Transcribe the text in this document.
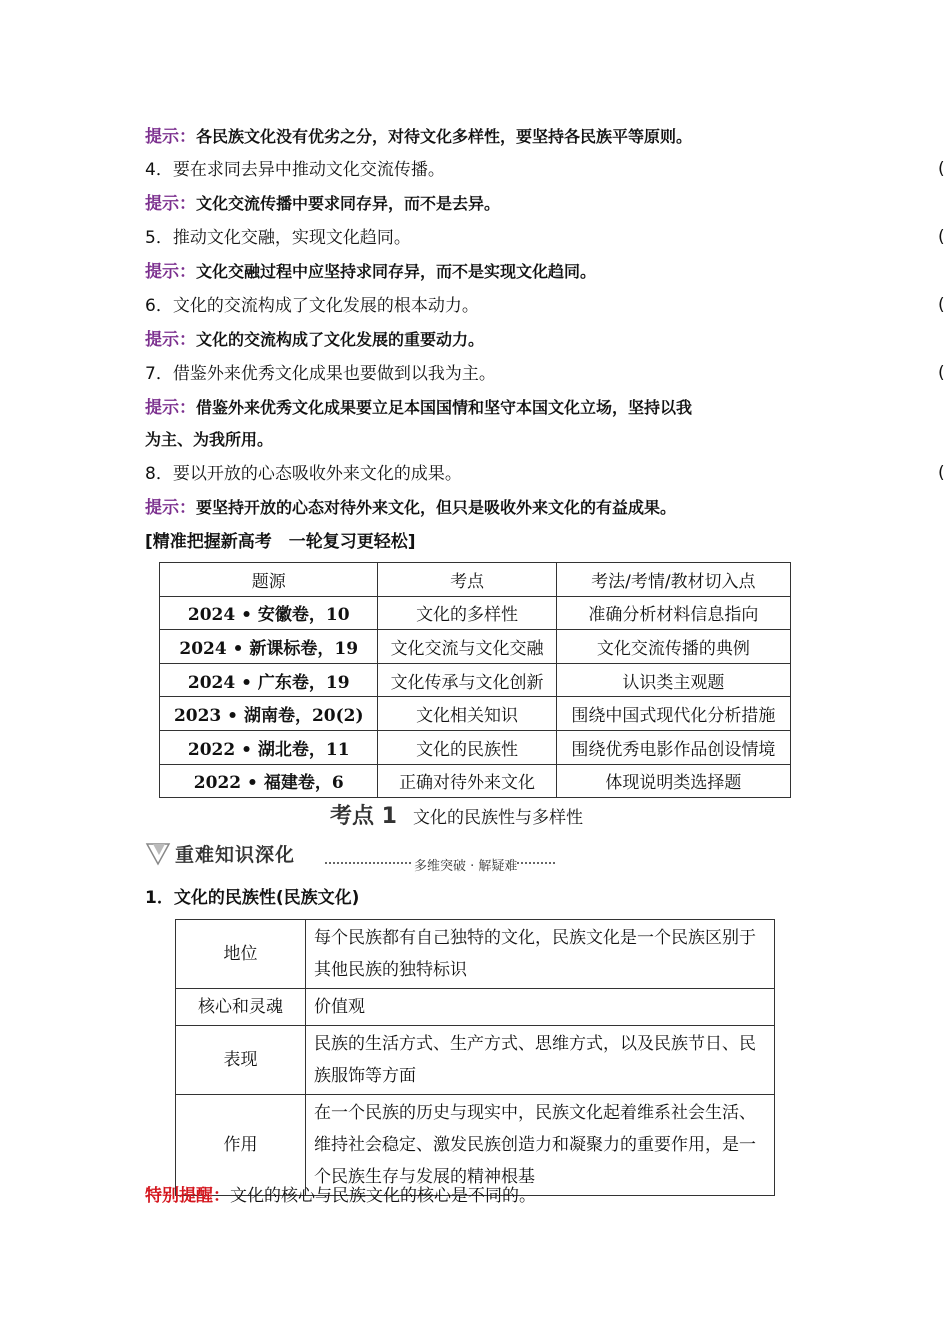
提示：各民族文化没有优劣之分，对待文化多样性，要坚持各民族平等原则。
4．要在求同去异中推动文化交流传播。	(
提示：文化交流传播中要求同存异，而不是去异。
5．推动文化交融，实现文化趋同。	(
提示：文化交融过程中应坚持求同存异，而不是实现文化趋同。
6．文化的交流构成了文化发展的根本动力。	(
提示：文化的交流构成了文化发展的重要动力。
7．借鉴外来优秀文化成果也要做到以我为主。	(
提示：借鉴外来优秀文化成果要立足本国国情和坚守本国文化立场，坚持以我
为主、为我所用。
8．要以开放的心态吸收外来文化的成果。	(
提示：要坚持开放的心态对待外来文化，但只是吸收外来文化的有益成果。
[精准把握新高考　一轮复习更轻松]
题源	考点	考法/考情/教材切入点
2024 • 安徽卷，10	文化的多样性	准确分析材料信息指向
2024 • 新课标卷，19	文化交流与文化交融	文化交流传播的典例
2024 • 广东卷，19	文化传承与文化创新	认识类主观题
2023 • 湖南卷，20(2)	文化相关知识	围绕中国式现代化分析措施
2022 • 湖北卷，11	文化的民族性	围绕优秀电影作品创设情境
2022 • 福建卷，6	正确对待外来文化	体现说明类选择题
考点 1 文化的民族性与多样性
重难知识深化
多维突破 · 解疑难
1．文化的民族性(民族文化)
地位	每个民族都有自己独特的文化，民族文化是一个民族区别于其他民族的独特标识
核心和灵魂	价值观
表现	民族的生活方式、生产方式、思维方式，以及民族节日、民族服饰等方面
作用	在一个民族的历史与现实中，民族文化起着维系社会生活、维持社会稳定、激发民族创造力和凝聚力的重要作用，是一个民族生存与发展的精神根基
特别提醒：文化的核心与民族文化的核心是不同的。
